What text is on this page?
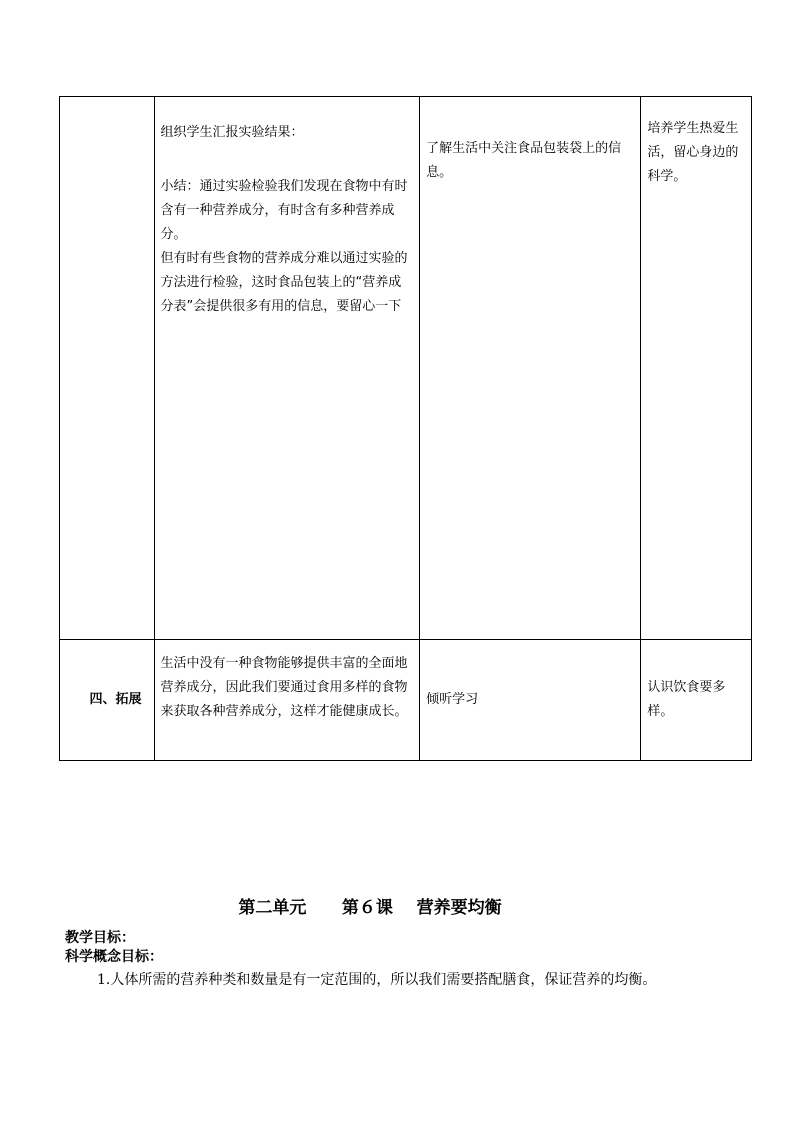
	组织学生汇报实验结果：
小结：通过实验检验我们发现在食物中有时含有一种营养成分，有时含有多种营养成分。
但有时有些食物的营养成分难以通过实验的方法进行检验，这时食品包装上的“营养成分表”会提供很多有用的信息，要留心一下	了解生活中关注食品包装袋上的信息。	培养学生热爱生活，留心身边的科学。

四、拓展	生活中没有一种食物能够提供丰富的全面地营养成分，因此我们要通过食用多样的食物来获取各种营养成分，这样才能健康成长。	倾听学习	认识饮食要多样。
第二单元 第６课 营养要均衡
教学目标：
科学概念目标：
1.人体所需的营养种类和数量是有一定范围的，所以我们需要搭配膳食，保证营养的均衡。
